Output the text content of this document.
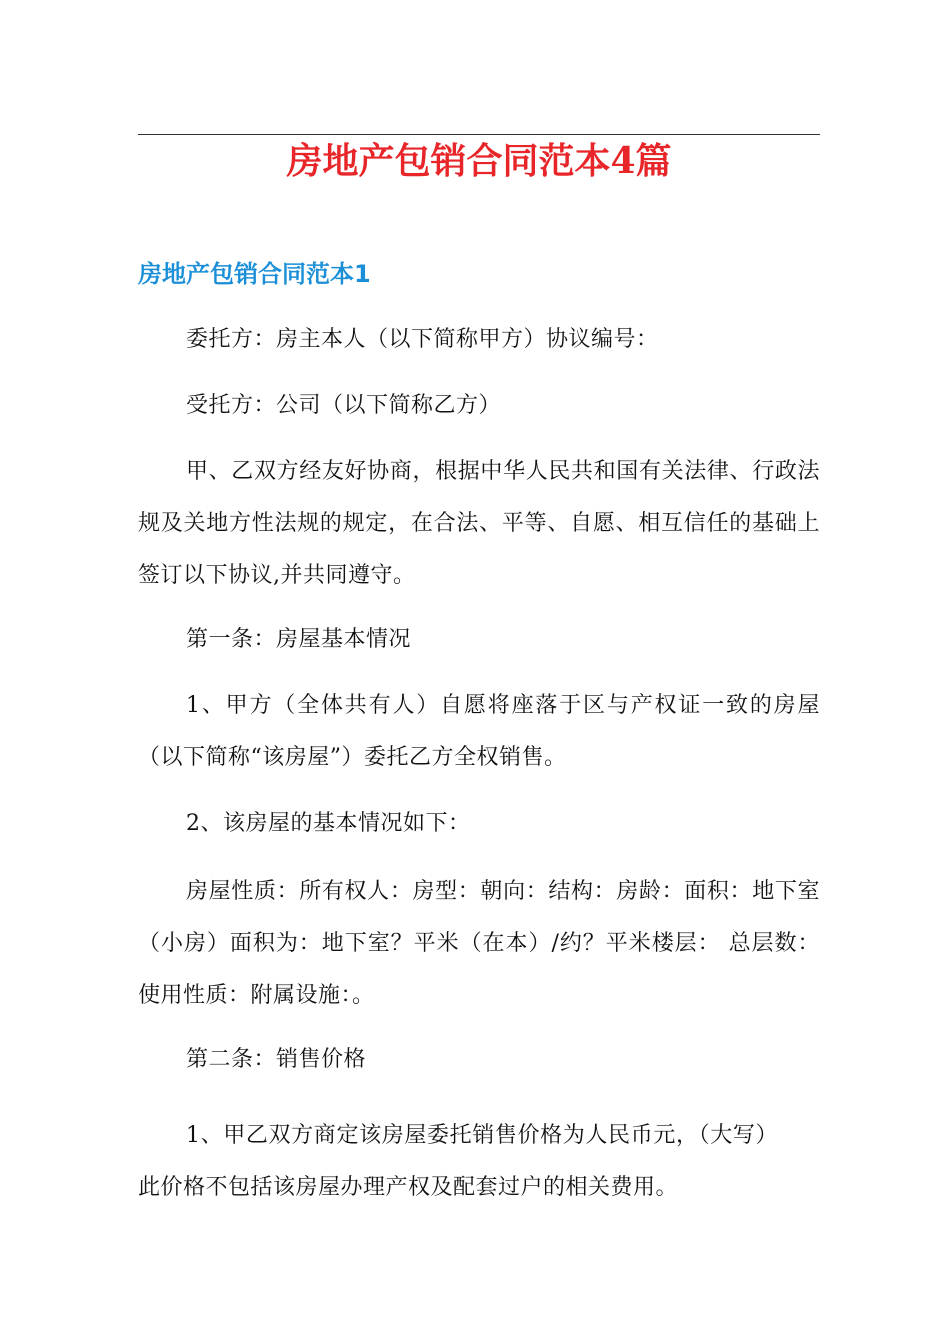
房地产包销合同范本4篇
房地产包销合同范本1

委托方：房主本人（以下简称甲方）协议编号：

受托方：公司（以下简称乙方）

甲、乙双方经友好协商，根据中华人民共和国有关法律、行政法规及关地方性法规的规定，在合法、平等、自愿、相互信任的基础上签订以下协议,并共同遵守。

第一条：房屋基本情况

1、甲方（全体共有人）自愿将座落于区与产权证一致的房屋（以下简称“该房屋”）委托乙方全权销售。

2、该房屋的基本情况如下：

房屋性质：所有权人：房型：朝向：结构：房龄：面积：地下室（小房）面积为：地下室？平米（在本）/约？平米楼层： 总层数：使用性质：附属设施：。

第二条：销售价格

1、甲乙双方商定该房屋委托销售价格为人民币元，（大写）此价格不包括该房屋办理产权及配套过户的相关费用。
